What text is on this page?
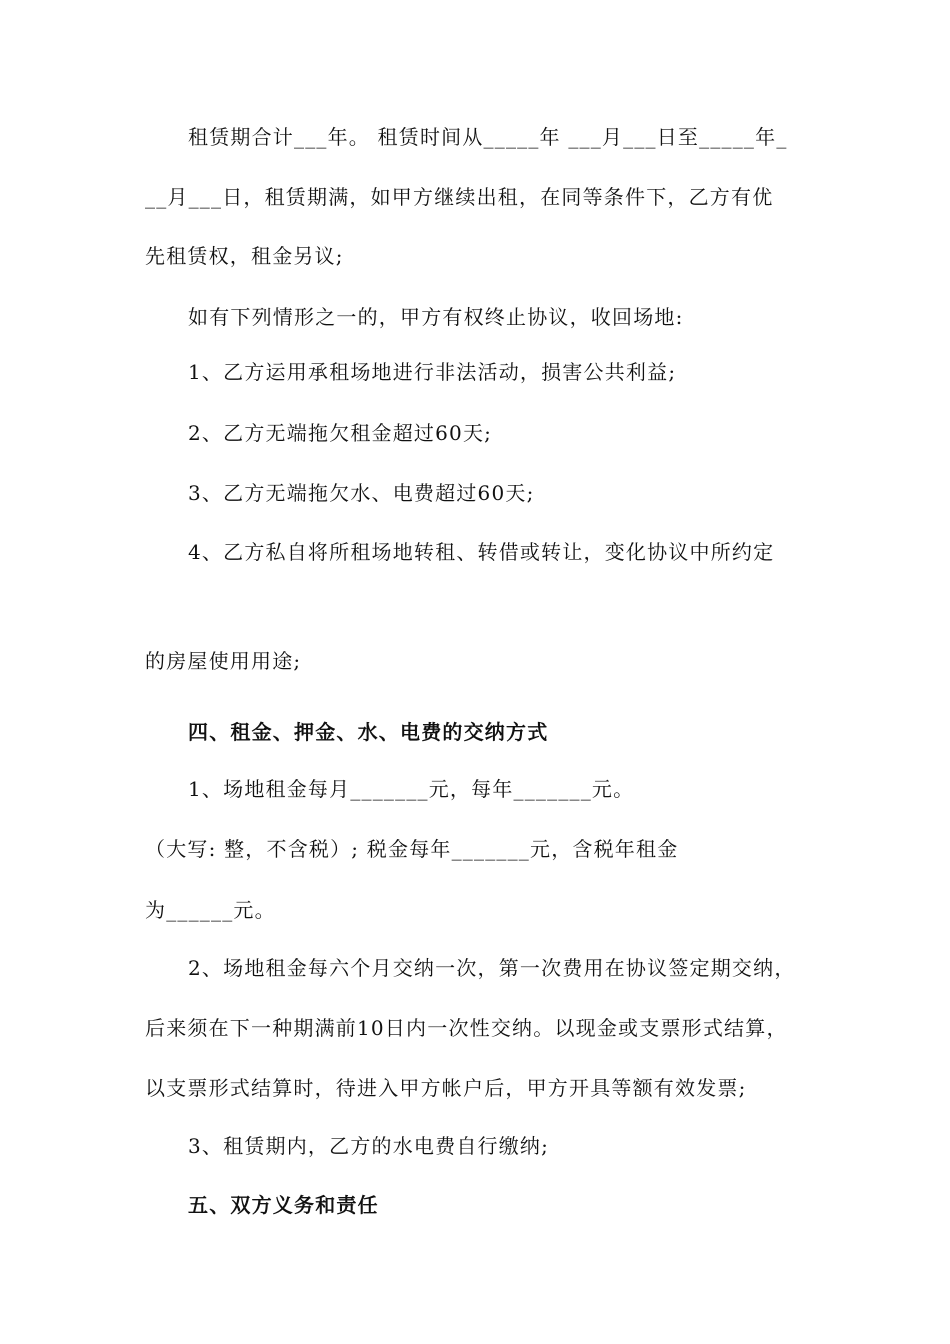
租赁期合计___年。 租赁时间从_____年 ___月___日至_____年_
__月___日，租赁期满，如甲方继续出租，在同等条件下，乙方有优
先租赁权，租金另议;
如有下列情形之一的，甲方有权终止协议，收回场地:
1、乙方运用承租场地进行非法活动，损害公共利益;
2、乙方无端拖欠租金超过60天;
3、乙方无端拖欠水、电费超过60天;
4、乙方私自将所租场地转租、转借或转让，变化协议中所约定
的房屋使用用途;
四、租金、押金、水、电费的交纳方式
1、场地租金每月_______元，每年_______元。
（大写: 整，不含税）; 税金每年_______元，含税年租金
为______元。
2、场地租金每六个月交纳一次，第一次费用在协议签定期交纳，
后来须在下一种期满前10日内一次性交纳。以现金或支票形式结算，
以支票形式结算时，待进入甲方帐户后，甲方开具等额有效发票;
3、租赁期内，乙方的水电费自行缴纳;
五、双方义务和责任
